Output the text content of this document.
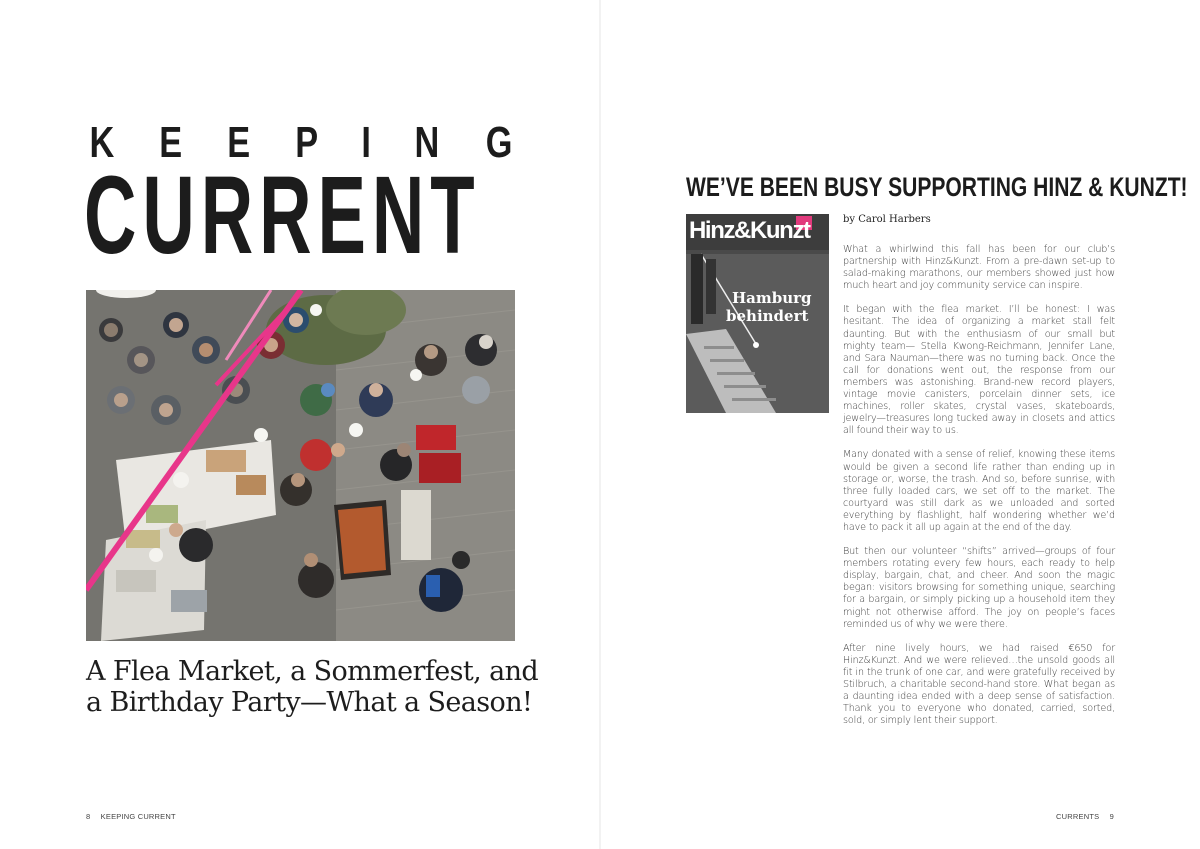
K E E P I N G
CURRENT
A Flea Market, a Sommerfest, and
a Birthday Party—What a Season!
8 KEEPING CURRENT
WE’VE BEEN BUSY SUPPORTING HINZ & KUNZT!
Hinz&Kunzt
Hamburg
behindert
by Carol Harbers

What a whirlwind this fall has been for our club’s partnership with Hinz&Kunzt. From a pre-dawn set-up to salad-making marathons, our members showed just how much heart and joy community service can inspire.

It began with the flea market. I’ll be honest: I was hesitant. The idea of organizing a market stall felt daunting. But with the enthusiasm of our small but mighty team— Stella Kwong-Reichmann, Jennifer Lane, and Sara Nauman—there was no turning back. Once the call for donations went out, the response from our members was astonishing. Brand-new record players, vintage movie canisters, porcelain dinner sets, ice machines, roller skates, crystal vases, skateboards, jewelry—treasures long tucked away in closets and attics all found their way to us.

Many donated with a sense of relief, knowing these items would be given a second life rather than ending up in storage or, worse, the trash. And so, before sunrise, with three fully loaded cars, we set off to the market. The courtyard was still dark as we unloaded and sorted everything by flashlight, half wondering whether we’d have to pack it all up again at the end of the day.

But then our volunteer “shifts” arrived—groups of four members rotating every few hours, each ready to help display, bargain, chat, and cheer. And soon the magic began: visitors browsing for something unique, searching for a bargain, or simply picking up a household item they might not otherwise afford. The joy on people’s faces reminded us of why we were there.

After nine lively hours, we had raised €650 for Hinz&Kunzt. And we were relieved…the unsold goods all fit in the trunk of one car, and were gratefully received by Stilbruch, a charitable second-hand store. What began as a daunting idea ended with a deep sense of satisfaction. Thank you to everyone who donated, carried, sorted, sold, or simply lent their support.

CURRENTS 9
